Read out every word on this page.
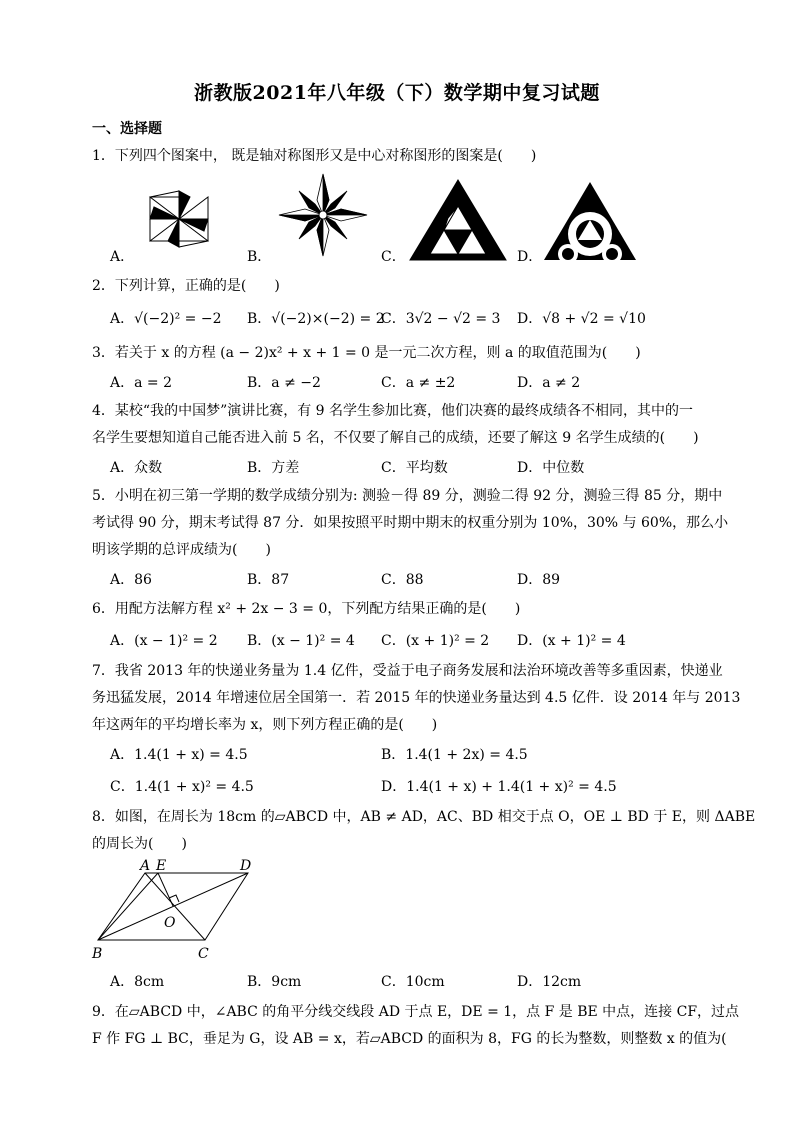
浙教版2021年八年级（下）数学期中复习试题
一、选择题
1．下列四个图案中， 既是轴对称图形又是中心对称图形的图案是(　　)
A．	B．	C．	D．
2．下列计算，正确的是(　　)
A．√(−2)² = −2 B．√(−2)×(−2) = 2
C．3√2 − √2 = 3 D．√8 + √2 = √10
3．若关于 x 的方程 (a − 2)x² + x + 1 = 0 是一元二次方程，则 a 的取值范围为(　　)
A．a = 2	B．a ≠ −2	C．a ≠ ±2	D．a ≠ 2
4．某校“我的中国梦”演讲比赛，有 9 名学生参加比赛，他们决赛的最终成绩各不相同，其中的一
名学生要想知道自己能否进入前 5 名，不仅要了解自己的成绩，还要了解这 9 名学生成绩的(　　)
A．众数	B．方差	C．平均数	D．中位数
5．小明在初三第一学期的数学成绩分别为: 测验－得 89 分，测验二得 92 分，测验三得 85 分，期中
考试得 90 分，期末考试得 87 分．如果按照平时期中期末的权重分别为 10%，30% 与 60%，那么小
明该学期的总评成绩为(　　)
A．86	B．87	C．88	D．89
6．用配方法解方程 x² + 2x − 3 = 0，下列配方结果正确的是(　　)
A．(x − 1)² = 2 B．(x − 1)² = 4 C．(x + 1)² = 2 D．(x + 1)² = 4
7．我省 2013 年的快递业务量为 1.4 亿件，受益于电子商务发展和法治环境改善等多重因素，快递业
务迅猛发展，2014 年增速位居全国第一．若 2015 年的快递业务量达到 4.5 亿件．设 2014 年与 2013
年这两年的平均增长率为 x，则下列方程正确的是(　　)
A．1.4(1 + x) = 4.5	B．1.4(1 + 2x) = 4.5
C．1.4(1 + x)² = 4.5	D．1.4(1 + x) + 1.4(1 + x)² = 4.5
8．如图，在周长为 18cm 的▱ABCD 中，AB ≠ AD，AC、BD 相交于点 O，OE ⊥ BD 于 E，则 ΔABE
的周长为(　　)
A E	D
O
B	C
A．8cm	B．9cm	C．10cm	D．12cm
9．在▱ABCD 中，∠ABC 的角平分线交线段 AD 于点 E，DE = 1，点 F 是 BE 中点，连接 CF，过点
F 作 FG ⊥ BC，垂足为 G，设 AB = x，若▱ABCD 的面积为 8，FG 的长为整数，则整数 x 的值为(
